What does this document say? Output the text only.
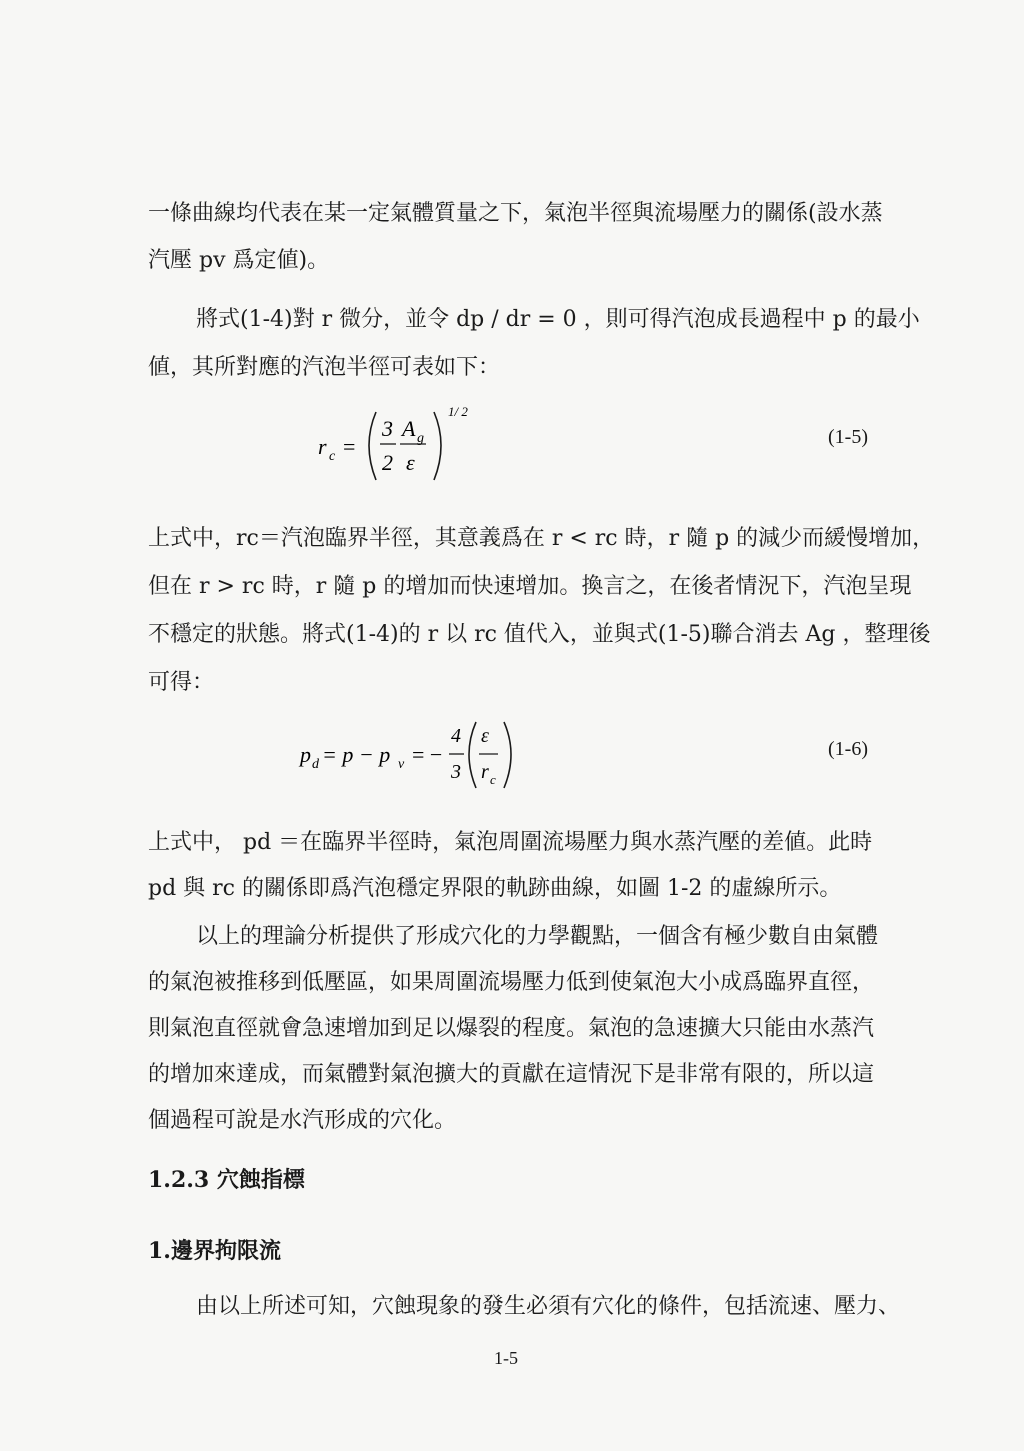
一條曲線均代表在某一定氣體質量之下，氣泡半徑與流場壓力的關係(設水蒸
汽壓 pv 爲定値)。
將式(1-4)對 r 微分，並令 dp / dr = 0 ，則可得汽泡成長過程中 p 的最小
値，其所對應的汽泡半徑可表如下：
r c =
3
2
A g
ε
1/ 2
(1-5)
上式中，rc＝汽泡臨界半徑，其意義爲在 r < rc 時，r 隨 p 的減少而緩慢增加，
但在 r > rc 時，r 隨 p 的增加而快速增加。換言之，在後者情況下，汽泡呈現
不穩定的狀態。將式(1-4)的 r 以 rc 值代入，並與式(1-5)聯合消去 Ag ，整理後
可得：
p d = p − p v = −
4
3
ε
r c
(1-6)
上式中， pd ＝在臨界半徑時，氣泡周圍流場壓力與水蒸汽壓的差値。此時
pd 與 rc 的關係即爲汽泡穩定界限的軌跡曲線，如圖 1-2 的虛線所示。
以上的理論分析提供了形成穴化的力學觀點，一個含有極少數自由氣體
的氣泡被推移到低壓區，如果周圍流場壓力低到使氣泡大小成爲臨界直徑，
則氣泡直徑就會急速增加到足以爆裂的程度。氣泡的急速擴大只能由水蒸汽
的增加來達成，而氣體對氣泡擴大的貢獻在這情況下是非常有限的，所以這
個過程可說是水汽形成的穴化。
1.2.3 穴蝕指標
1.邊界拘限流
由以上所述可知，穴蝕現象的發生必須有穴化的條件，包括流速、壓力、
1-5
